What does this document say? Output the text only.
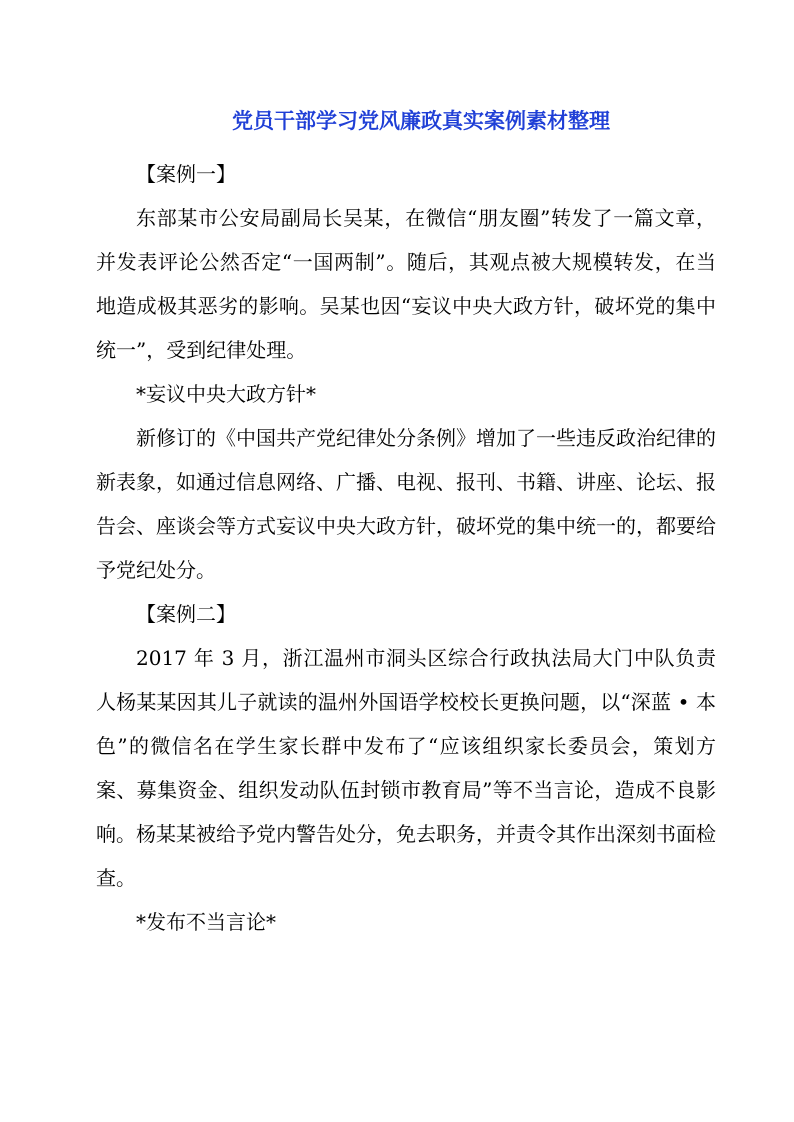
党员干部学习党风廉政真实案例素材整理

【案例一】

东部某市公安局副局长吴某，在微信“朋友圈”转发了一篇文章，并发表评论公然否定“一国两制”。随后，其观点被大规模转发，在当地造成极其恶劣的影响。吴某也因“妄议中央大政方针，破坏党的集中统一”，受到纪律处理。

*妄议中央大政方针*

新修订的《中国共产党纪律处分条例》增加了一些违反政治纪律的新表象，如通过信息网络、广播、电视、报刊、书籍、讲座、论坛、报告会、座谈会等方式妄议中央大政方针，破坏党的集中统一的，都要给予党纪处分。

【案例二】

2017 年 3 月，浙江温州市洞头区综合行政执法局大门中队负责人杨某某因其儿子就读的温州外国语学校校长更换问题，以“深蓝 • 本色”的微信名在学生家长群中发布了“应该组织家长委员会，策划方案、募集资金、组织发动队伍封锁市教育局”等不当言论，造成不良影响。杨某某被给予党内警告处分，免去职务，并责令其作出深刻书面检查。

*发布不当言论*
